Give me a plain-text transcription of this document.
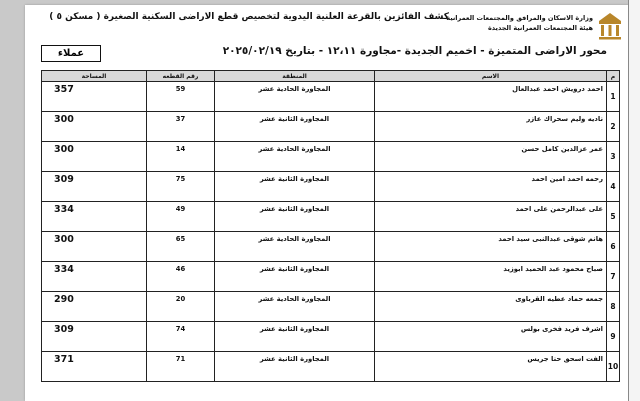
وزارة الاسكان والمرافق والمجتمعات العمرانية
هيئة المجتمعات العمرانية الجديدة
كشف الفائزين بالقرعة العلنية اليدوية لتخصيص قطع الاراضى السكنية الصغيرة ( مسكن ٥ )
محور الاراضى المتميزة - اخميم الجديدة -مجاورة ١٢،١١ - بتاريخ ٢٠٢٥/٠٢/١٩
عملاء
م	الاسم	المنطقة	رقم القطعه	المساحة
1	احمد درويش احمد عبدالعال	المجاورة الحادية عشر	59	357
2	ناديه وليم سحراك عازر	المجاورة الثانية عشر	37	300
3	عمر عزالدين كامل حسن	المجاورة الحادية عشر	14	300
4	رحمه احمد امين احمد	المجاورة الثانية عشر	75	309
5	على عبدالرحمن على احمد	المجاورة الثانية عشر	49	334
6	هانم شوقى عبدالنبى سيد احمد	المجاورة الحادية عشر	65	300
7	صباح محمود عبد الحميد ابوزيد	المجاورة الثانية عشر	46	334
8	جمعه حماد عطيه القرباوى	المجاورة الحادية عشر	20	290
9	اشرف فريد فخرى بولس	المجاورة الثانية عشر	74	309
10	الفت اسحق حنا جريس	المجاورة الثانية عشر	71	371
